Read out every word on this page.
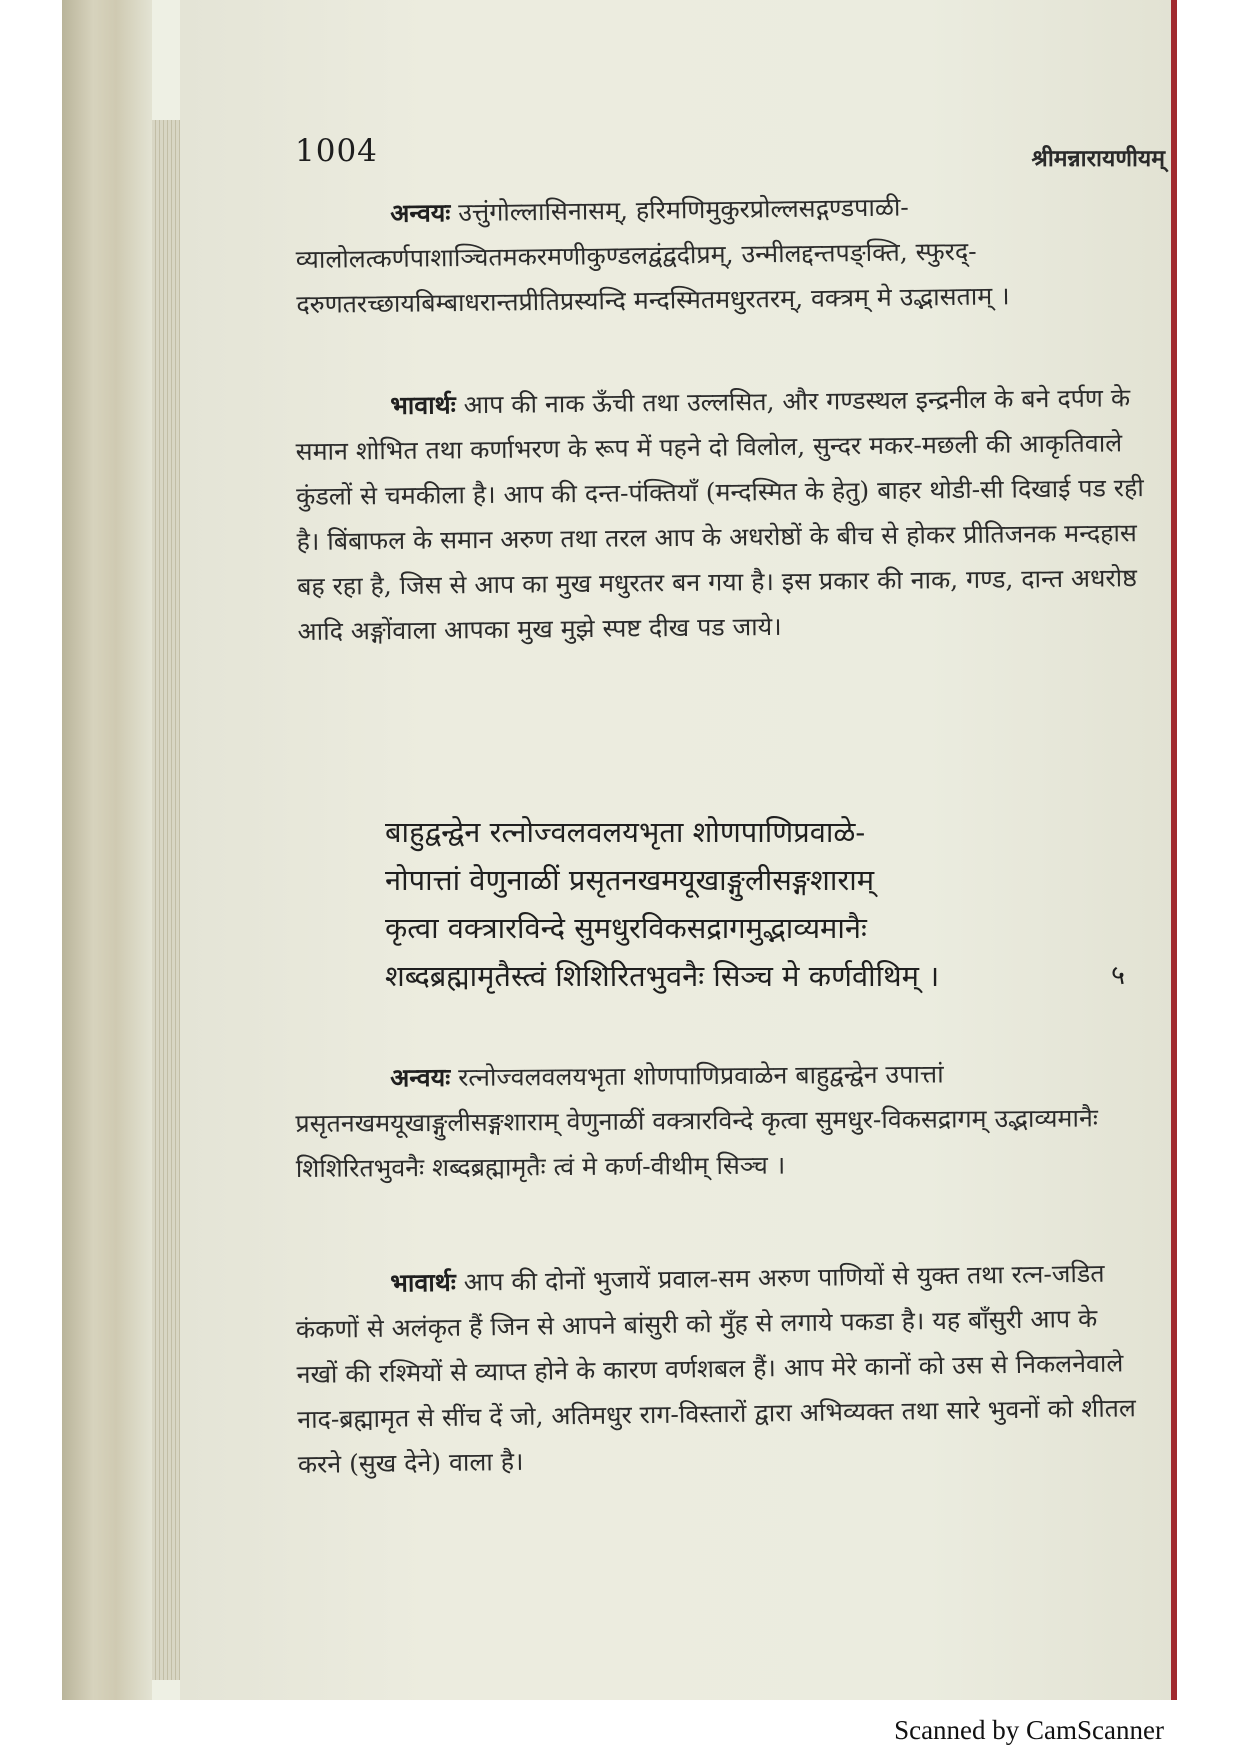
1004	श्रीमन्नारायणीयम्
अन्वयः उत्तुंगोल्लासिनासम्, हरिमणिमुकुरप्रोल्लसद्गण्डपाळी-व्यालोलत्कर्णपाशाञ्चितमकरमणीकुण्डलद्वंद्वदीप्रम्, उन्मीलद्दन्तपङ्क्ति, स्फुरद्-दरुणतरच्छायबिम्बाधरान्तप्रीतिप्रस्यन्दि मन्दस्मितमधुरतरम्, वक्त्रम् मे उद्भासताम् ।
भावार्थः आप की नाक ऊँची तथा उल्लसित, और गण्डस्थल इन्द्रनील के बने दर्पण के समान शोभित तथा कर्णाभरण के रूप में पहने दो विलोल, सुन्दर मकर-मछली की आकृतिवाले कुंडलों से चमकीला है। आप की दन्त-पंक्तियाँ (मन्दस्मित के हेतु) बाहर थोडी-सी दिखाई पड रही है। बिंबाफल के समान अरुण तथा तरल आप के अधरोष्ठों के बीच से होकर प्रीतिजनक मन्दहास बह रहा है, जिस से आप का मुख मधुरतर बन गया है। इस प्रकार की नाक, गण्ड, दान्त अधरोष्ठ आदि अङ्गोंवाला आपका मुख मुझे स्पष्ट दीख पड जाये।
बाहुद्वन्द्वेन रत्नोज्वलवलयभृता शोणपाणिप्रवाळे-
नोपात्तां वेणुनाळीं प्रसृतनखमयूखाङ्गुलीसङ्गशाराम्
कृत्वा वक्त्रारविन्दे सुमधुरविकसद्रागमुद्भाव्यमानैः
शब्दब्रह्मामृतैस्त्वं शिशिरितभुवनैः सिञ्च मे कर्णवीथिम् ।	५
अन्वयः रत्नोज्वलवलयभृता शोणपाणिप्रवाळेन बाहुद्वन्द्वेन उपात्तां प्रसृतनखमयूखाङ्गुलीसङ्गशाराम् वेणुनाळीं वक्त्रारविन्दे कृत्वा सुमधुर-विकसद्रागम् उद्भाव्यमानैः शिशिरितभुवनैः शब्दब्रह्मामृतैः त्वं मे कर्ण-वीथीम् सिञ्च ।
भावार्थः आप की दोनों भुजायें प्रवाल-सम अरुण पाणियों से युक्त तथा रत्न-जडित कंकणों से अलंकृत हैं जिन से आपने बांसुरी को मुँह से लगाये पकडा है। यह बाँसुरी आप के नखों की रश्मियों से व्याप्त होने के कारण वर्णशबल हैं। आप मेरे कानों को उस से निकलनेवाले नाद-ब्रह्मामृत से सींच दें जो, अतिमधुर राग-विस्तारों द्वारा अभिव्यक्त तथा सारे भुवनों को शीतल करने (सुख देने) वाला है।
Scanned by CamScanner
